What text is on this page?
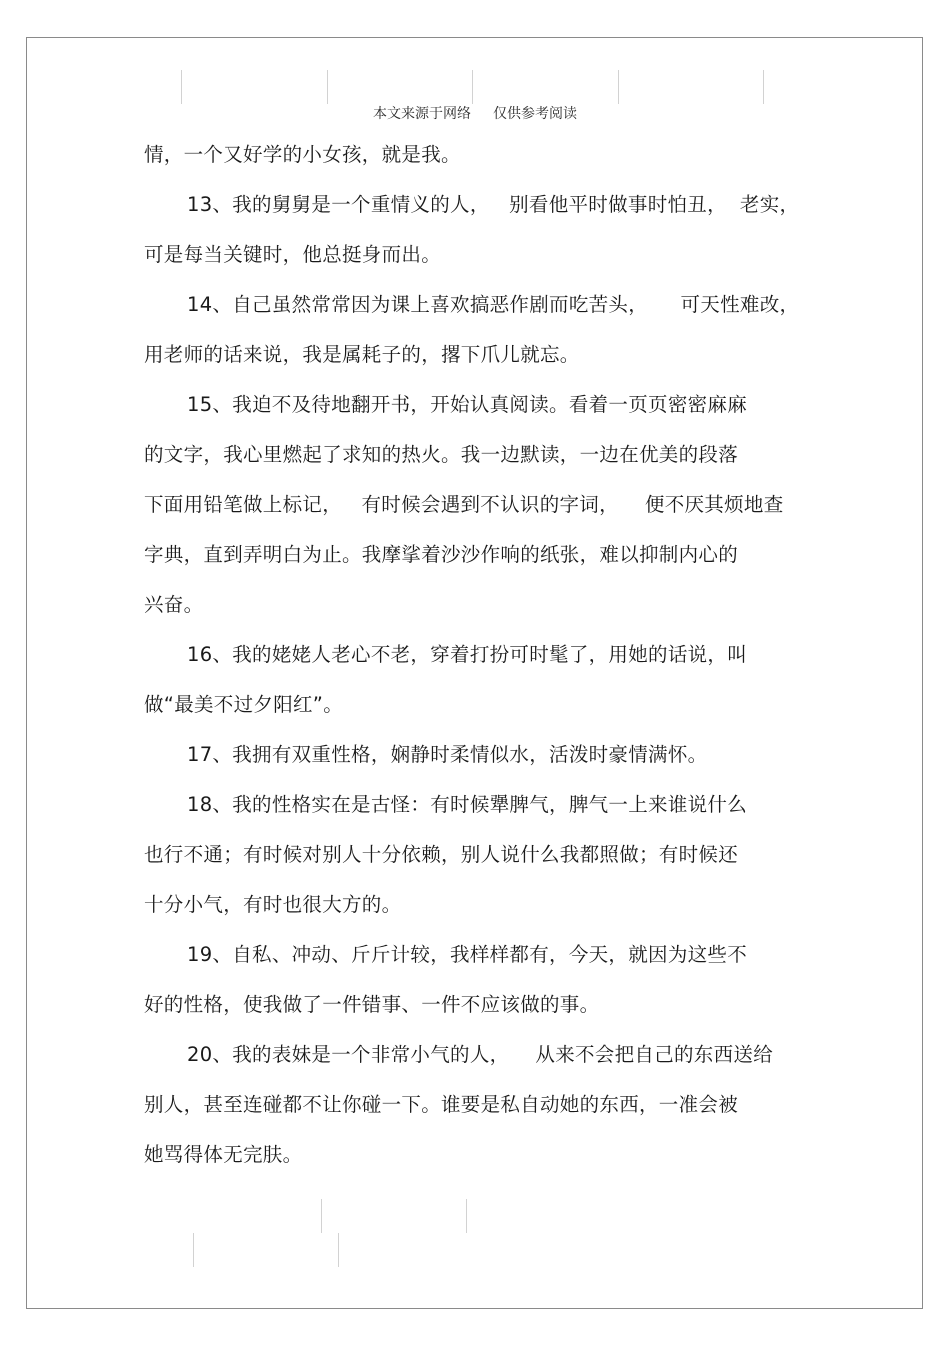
本文来源于网络 仅供参考阅读
情，一个又好学的小女孩，就是我。
13、我的舅舅是一个重情义的人，   别看他平时做事时怕丑，  老实，
可是每当关键时，他总挺身而出。
14、自己虽然常常因为课上喜欢搞恶作剧而吃苦头，     可天性难改，
用老师的话来说，我是属耗子的，撂下爪儿就忘。
15、我迫不及待地翻开书，开始认真阅读。看着一页页密密麻麻
的文字，我心里燃起了求知的热火。我一边默读，一边在优美的段落
下面用铅笔做上标记，   有时候会遇到不认识的字词，    便不厌其烦地查
字典，直到弄明白为止。我摩挲着沙沙作响的纸张，难以抑制内心的
兴奋。
16、我的姥姥人老心不老，穿着打扮可时髦了，用她的话说，叫
做“最美不过夕阳红”。
17、我拥有双重性格，娴静时柔情似水，活泼时豪情满怀。
18、我的性格实在是古怪：有时候犟脾气，脾气一上来谁说什么
也行不通；有时候对别人十分依赖，别人说什么我都照做；有时候还
十分小气，有时也很大方的。
19、自私、冲动、斤斤计较，我样样都有，今天，就因为这些不
好的性格，使我做了一件错事、一件不应该做的事。
20、我的表妹是一个非常小气的人，    从来不会把自己的东西送给
别人，甚至连碰都不让你碰一下。谁要是私自动她的东西，一准会被
她骂得体无完肤。
